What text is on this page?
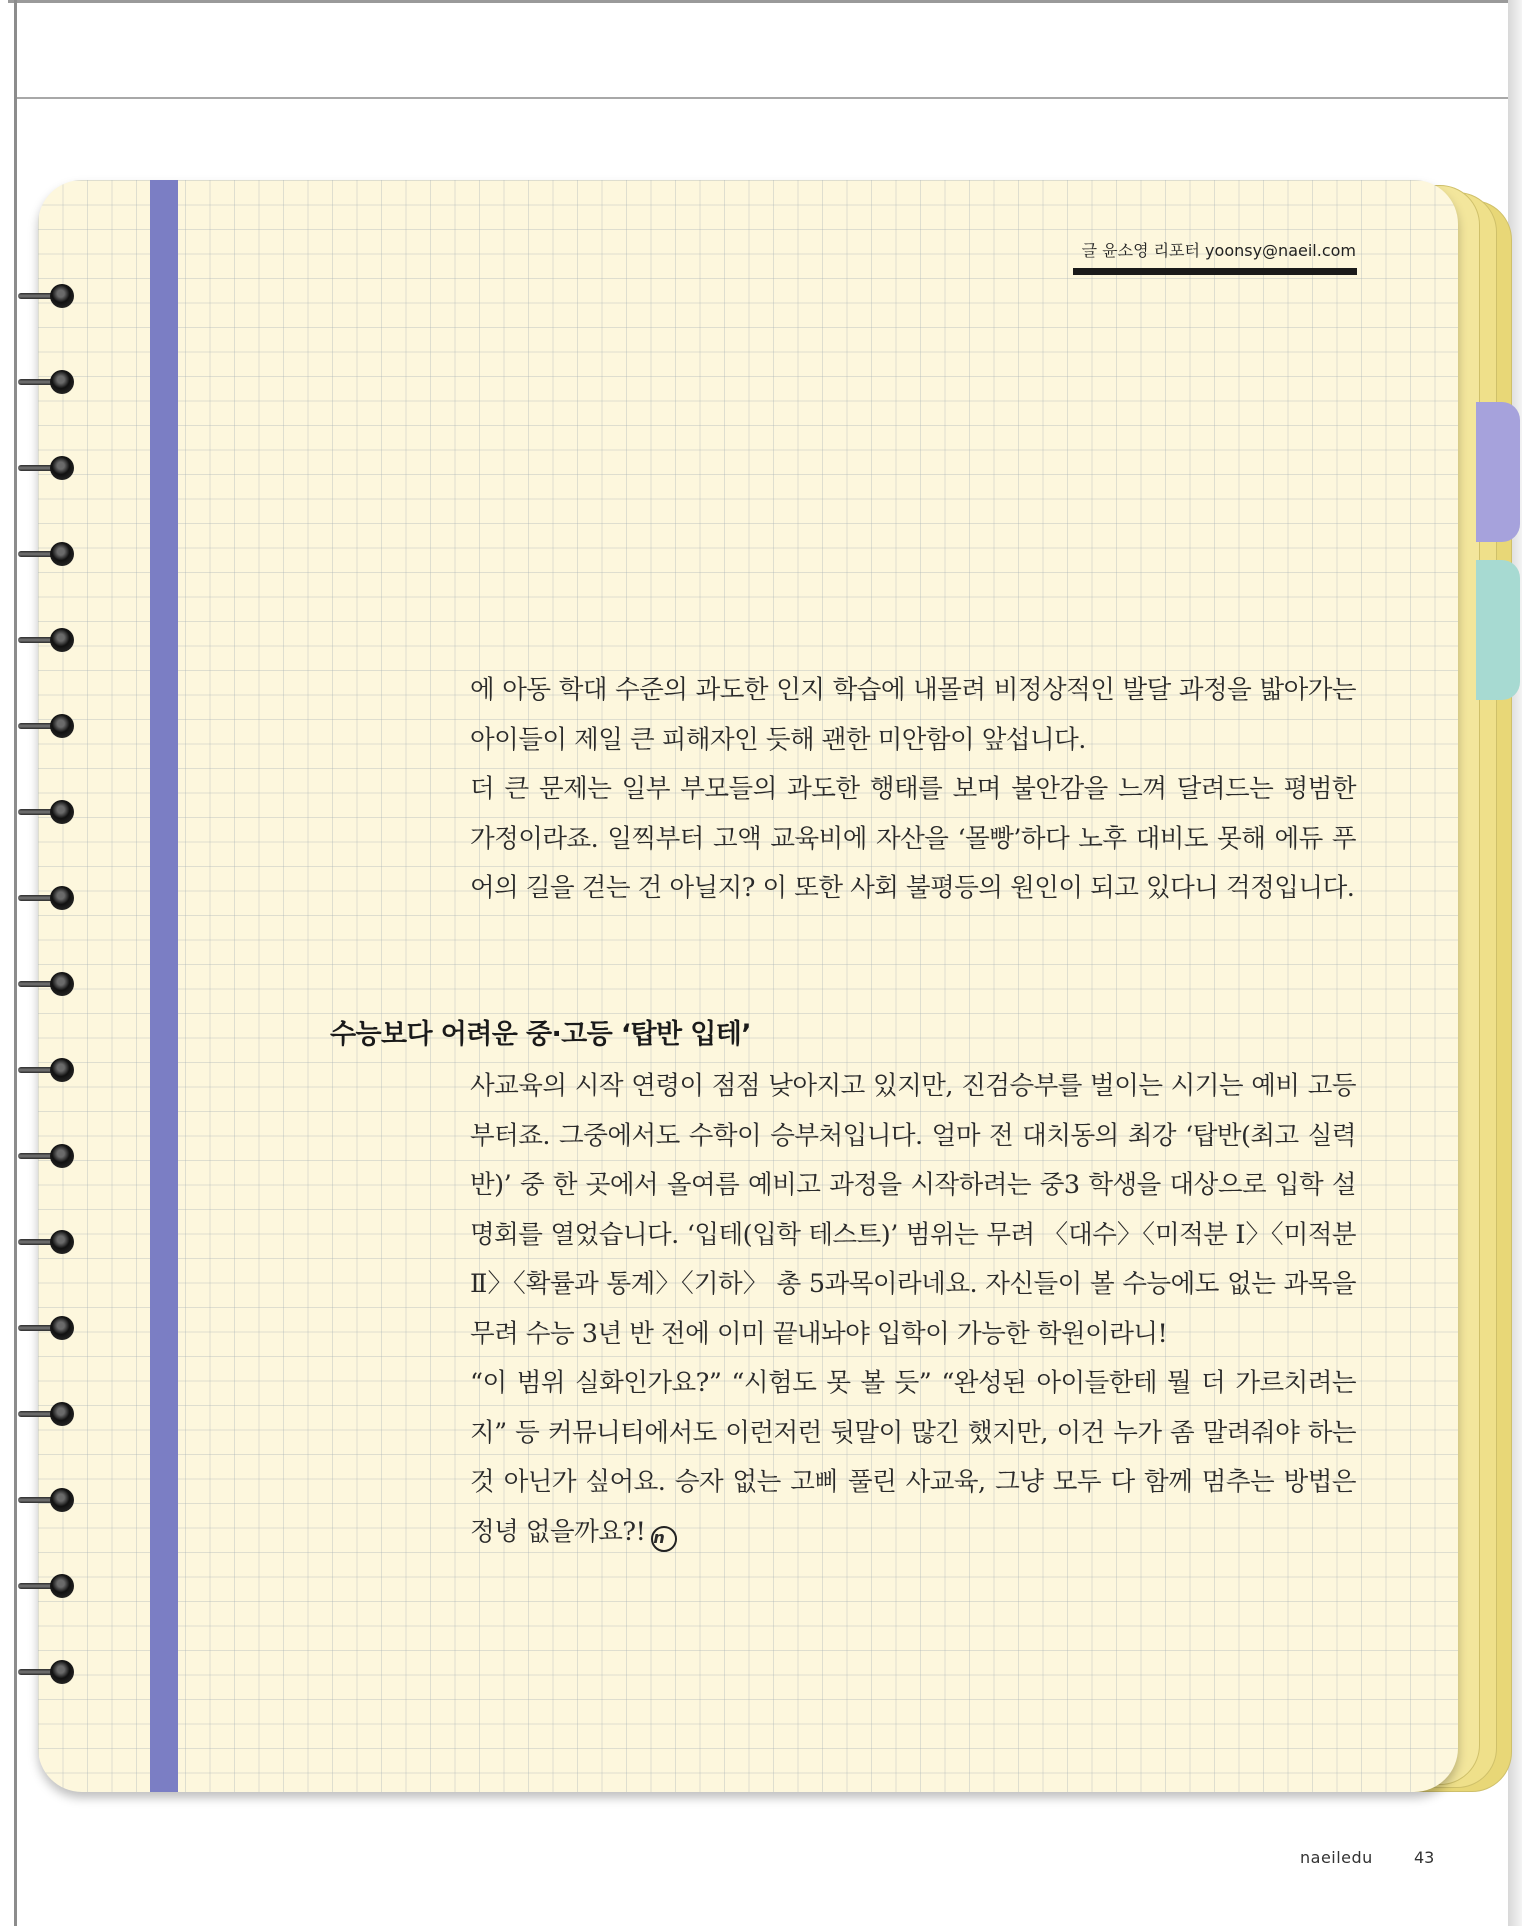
글 윤소영 리포터 yoonsy@naeil.com

에 아동 학대 수준의 과도한 인지 학습에 내몰려 비정상적인 발달 과정을 밟아가는 아이들이 제일 큰 피해자인 듯해 괜한 미안함이 앞섭니다.

더 큰 문제는 일부 부모들의 과도한 행태를 보며 불안감을 느껴 달려드는 평범한 가정이라죠. 일찍부터 고액 교육비에 자산을 ‘몰빵’하다 노후 대비도 못해 에듀 푸어의 길을 걷는 건 아닐지? 이 또한 사회 불평등의 원인이 되고 있다니 걱정입니다.

수능보다 어려운 중·고등 ‘탑반 입테’

사교육의 시작 연령이 점점 낮아지고 있지만, 진검승부를 벌이는 시기는 예비 고등부터죠. 그중에서도 수학이 승부처입니다. 얼마 전 대치동의 최강 ‘탑반(최고 실력반)’ 중 한 곳에서 올여름 예비고 과정을 시작하려는 중3 학생을 대상으로 입학 설명회를 열었습니다. ‘입테(입학 테스트)’ 범위는 무려 〈대수〉〈미적분 Ⅰ〉〈미적분Ⅱ〉〈확률과 통계〉〈기하〉 총 5과목이라네요. 자신들이 볼 수능에도 없는 과목을 무려 수능 3년 반 전에 이미 끝내놔야 입학이 가능한 학원이라니!

“이 범위 실화인가요?” “시험도 못 볼 듯” “완성된 아이들한테 뭘 더 가르치려는 지” 등 커뮤니티에서도 이런저런 뒷말이 많긴 했지만, 이건 누가 좀 말려줘야 하는 것 아닌가 싶어요. 승자 없는 고삐 풀린 사교육, 그냥 모두 다 함께 멈추는 방법은 정녕 없을까요?! n

naeiledu	43
